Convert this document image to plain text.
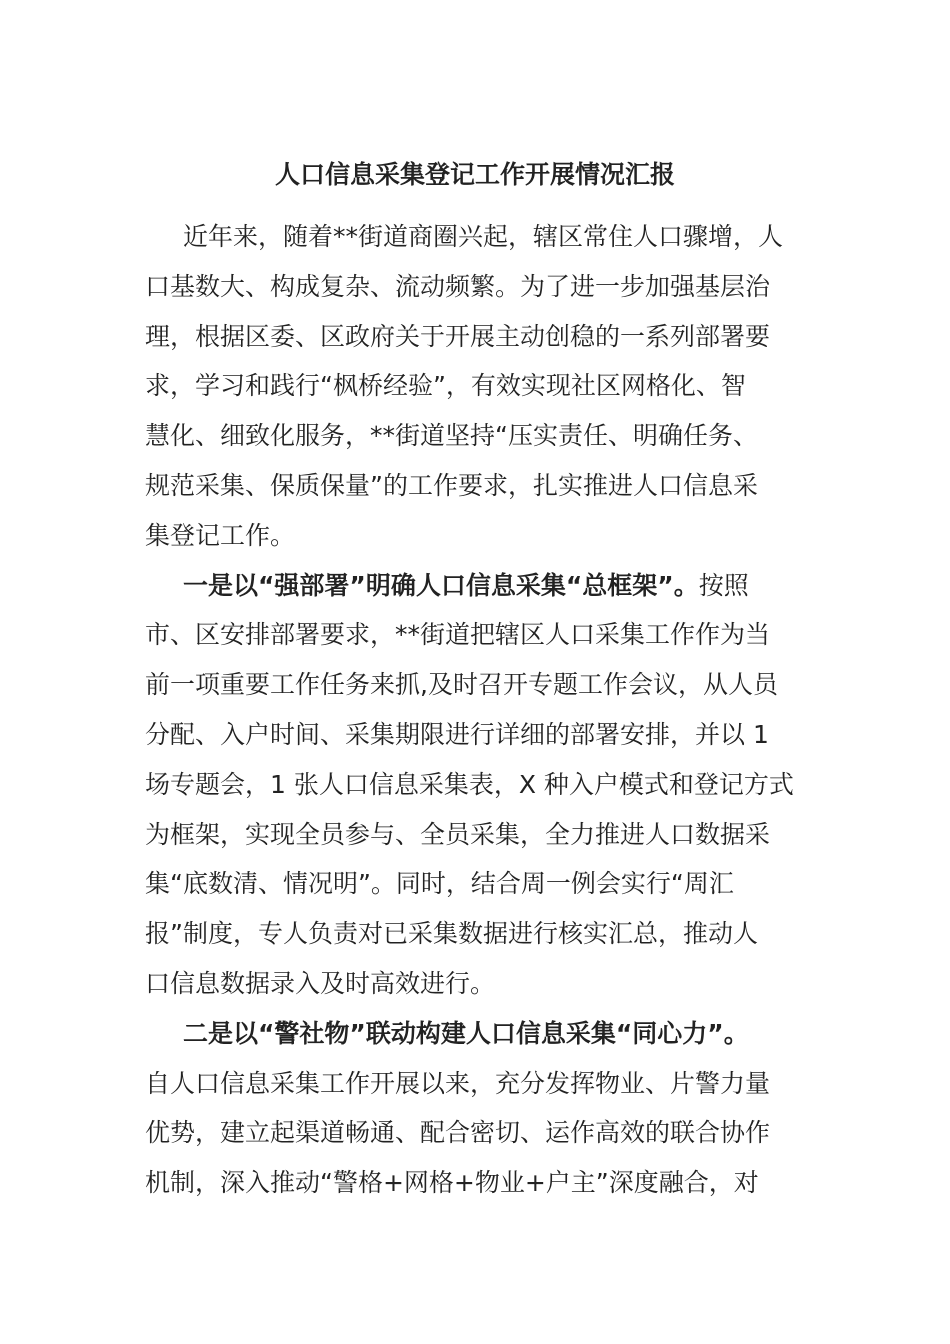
人口信息采集登记工作开展情况汇报
近年来，随着**街道商圈兴起，辖区常住人口骤增，人
口基数大、构成复杂、流动频繁。为了进一步加强基层治
理，根据区委、区政府关于开展主动创稳的一系列部署要
求，学习和践行“枫桥经验”，有效实现社区网格化、智
慧化、细致化服务，**街道坚持“压实责任、明确任务、
规范采集、保质保量”的工作要求，扎实推进人口信息采
集登记工作。
一是以“强部署”明确人口信息采集“总框架”。按照
市、区安排部署要求，**街道把辖区人口采集工作作为当
前一项重要工作任务来抓,及时召开专题工作会议，从人员
分配、入户时间、采集期限进行详细的部署安排，并以 1
场专题会，1 张人口信息采集表，X 种入户模式和登记方式
为框架，实现全员参与、全员采集，全力推进人口数据采
集“底数清、情况明”。同时，结合周一例会实行“周汇
报”制度，专人负责对已采集数据进行核实汇总，推动人
口信息数据录入及时高效进行。
二是以“警社物”联动构建人口信息采集“同心力”。
自人口信息采集工作开展以来，充分发挥物业、片警力量
优势，建立起渠道畅通、配合密切、运作高效的联合协作
机制，深入推动“警格+网格+物业+户主”深度融合，对
